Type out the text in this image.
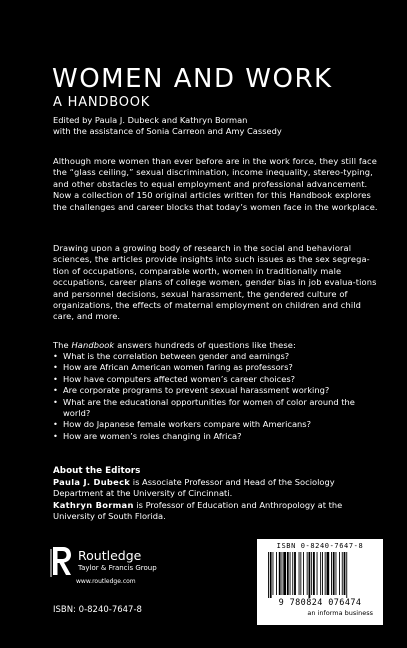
WOMEN AND WORK
A HANDBOOK
Edited by Paula J. Dubeck and Kathryn Borman
with the assistance of Sonia Carreon and Amy Cassedy

Although more women than ever before are in the work force, they still face the “glass ceiling,” sexual discrimination, income inequality, stereo-typing, and other obstacles to equal employment and professional advancement. Now a collection of 150 original articles written for this Handbook explores the challenges and career blocks that today’s women face in the workplace.

Drawing upon a growing body of research in the social and behavioral sciences, the articles provide insights into such issues as the sex segrega-tion of occupations, comparable worth, women in traditionally male occupations, career plans of college women, gender bias in job evalua-tions and personnel decisions, sexual harassment, the gendered culture of organizations, the effects of maternal employment on children and child care, and more.

The Handbook answers hundreds of questions like these:

• What is the correlation between gender and earnings?
• How are African American women faring as professors?
• How have computers affected women’s career choices?
• Are corporate programs to prevent sexual harassment working?
• What are the educational opportunities for women of color around the world?
• How do Japanese female workers compare with Americans?
• How are women’s roles changing in Africa?
About the Editors

Paula J. Dubeck is Associate Professor and Head of the Sociology Department at the University of Cincinnati.

Kathryn Borman is Professor of Education and Anthropology at the University of South Florida.

Routledge
Taylor & Francis Group
www.routledge.com
ISBN: 0-8240-7647-8
ISBN 0-8240-7647-8
9 780824 076474
an informa business
